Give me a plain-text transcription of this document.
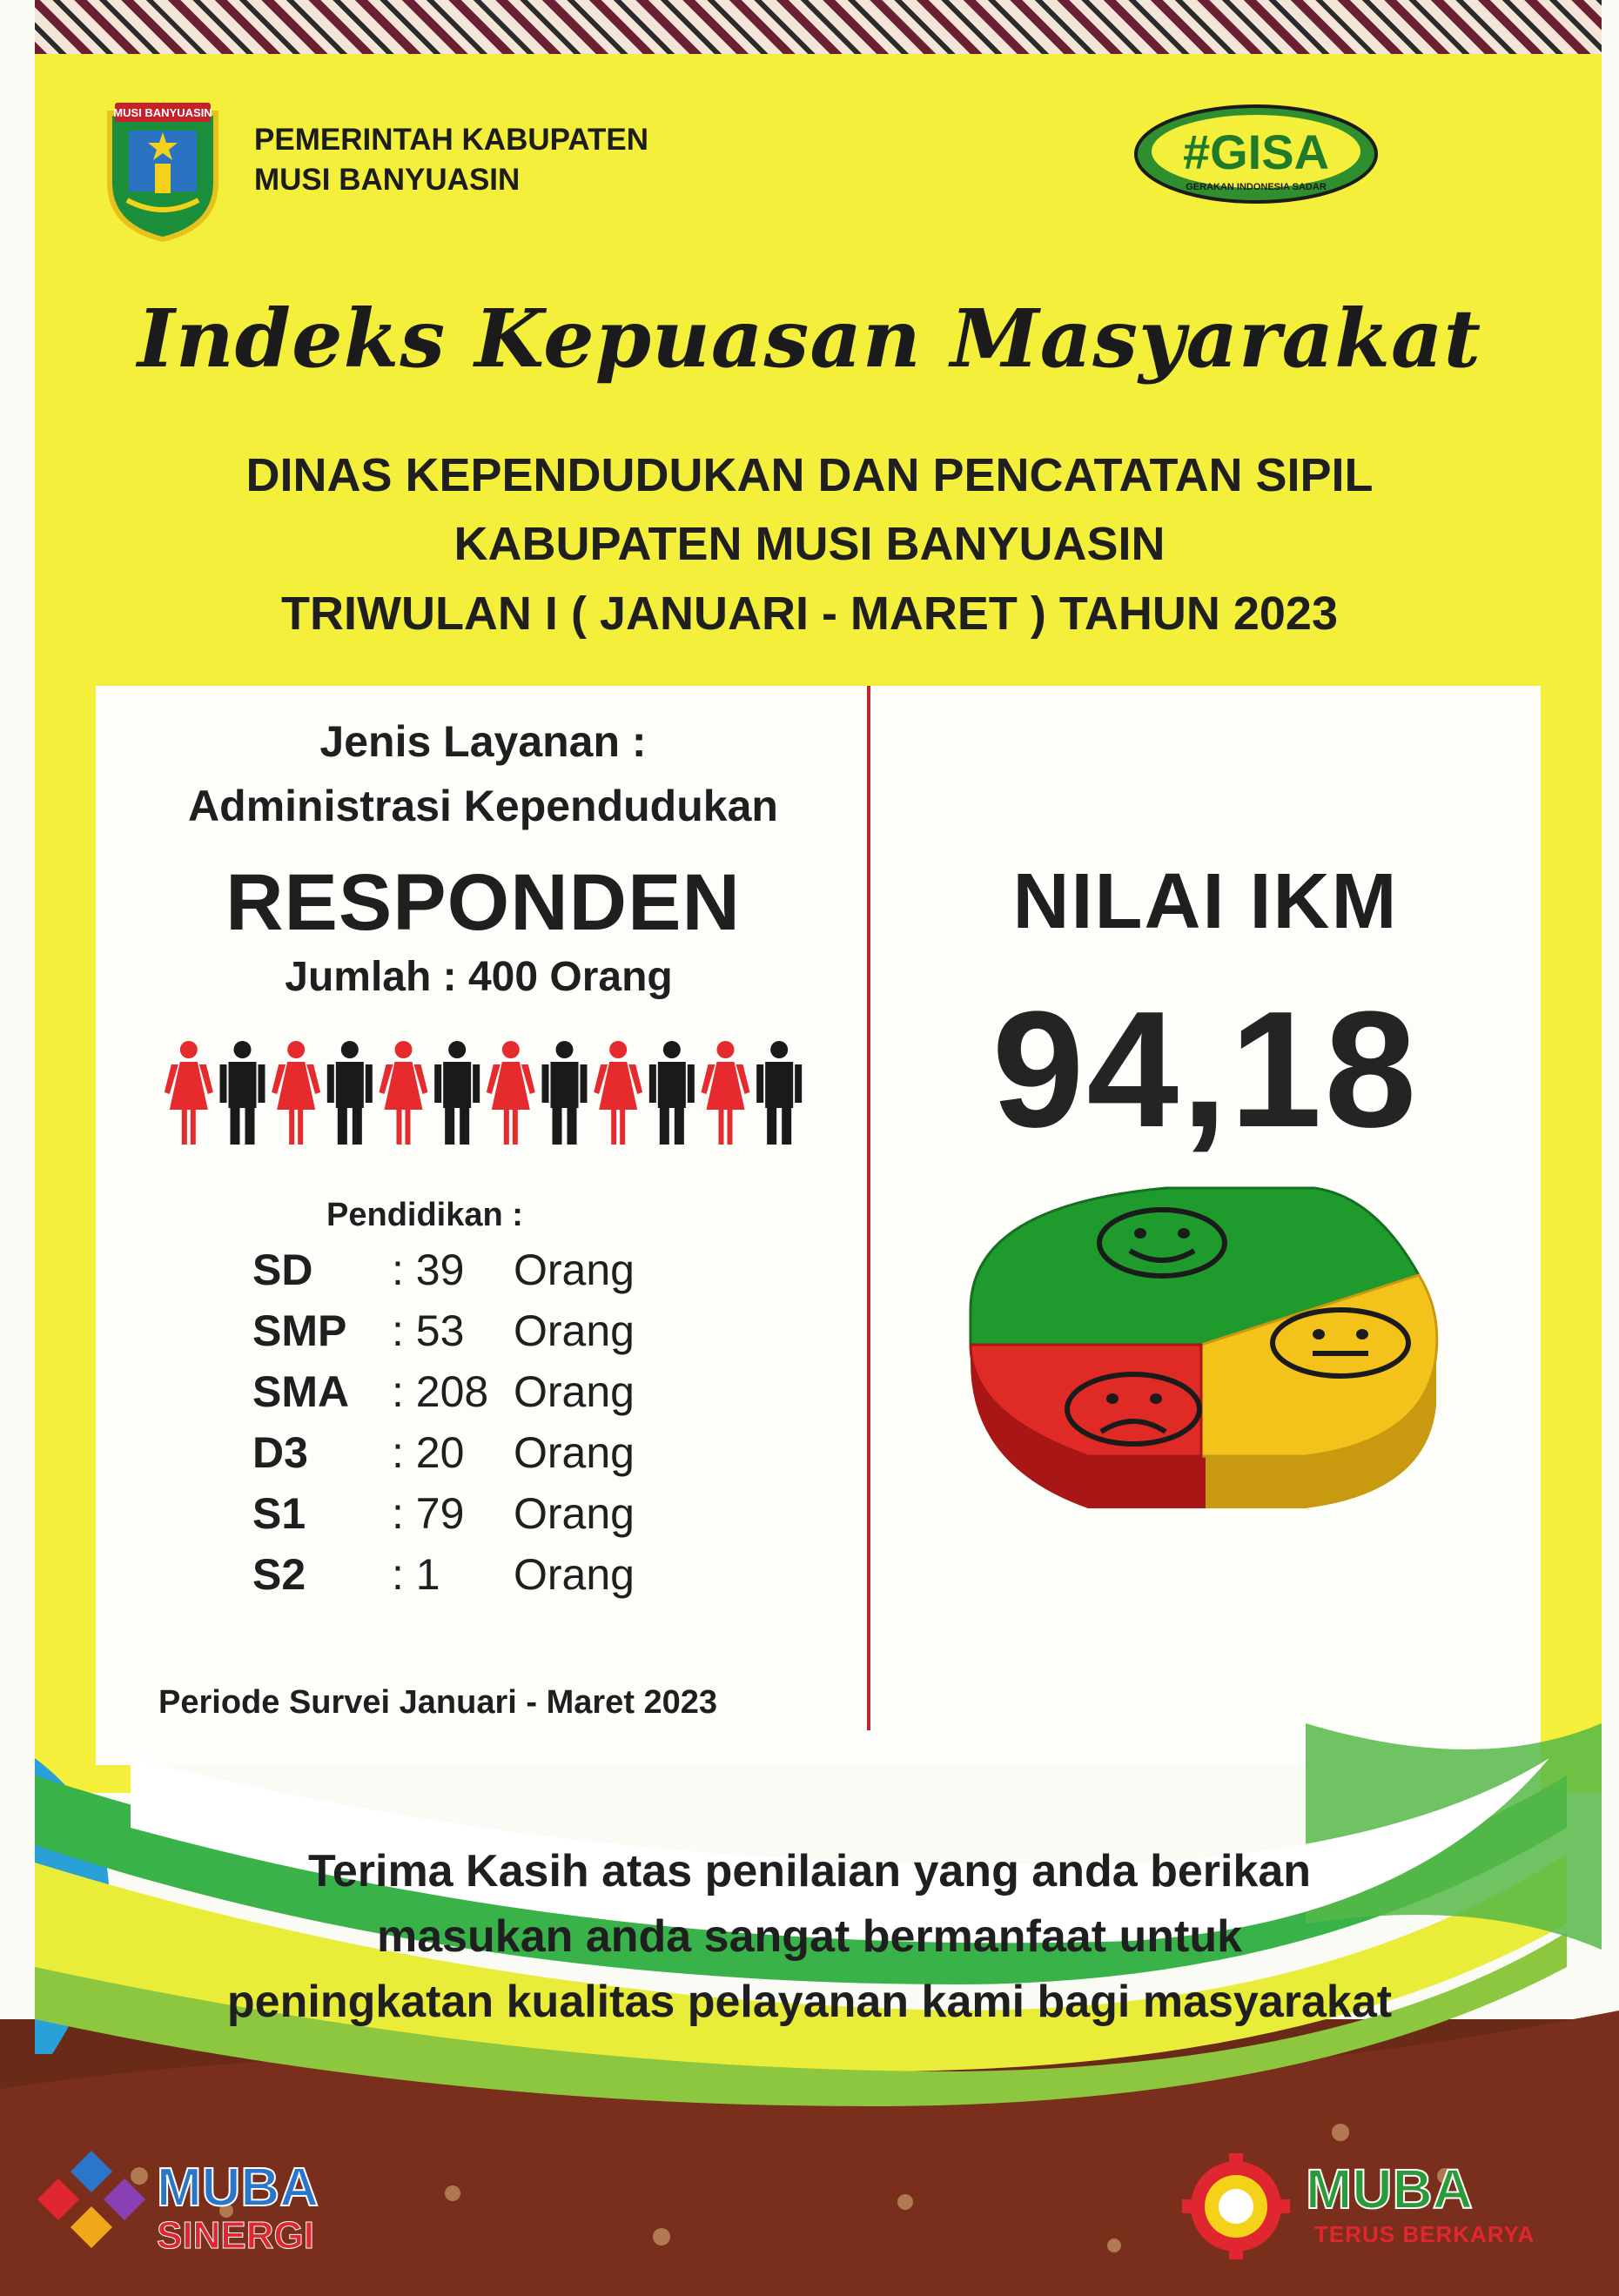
MUSI BANYUASIN
PEMERINTAH KABUPATEN
MUSI BANYUASIN
#GISA
GERAKAN INDONESIA SADAR
Indeks Kepuasan Masyarakat
DINAS KEPENDUDUKAN DAN PENCATATAN SIPIL
KABUPATEN MUSI BANYUASIN
TRIWULAN I ( JANUARI - MARET ) TAHUN 2023
Jenis Layanan :
Administrasi Kependudukan
RESPONDEN
Jumlah : 400 Orang
Pendidikan :
SD	: 39	Orang
SMP	: 53	Orang
SMA : 208 Orang
D3	: 20	Orang
S1	: 79	Orang
S2	: 1	Orang
Periode Survei Januari - Maret 2023
NILAI IKM
94,18
Terima Kasih atas penilaian yang anda berikan
masukan anda sangat bermanfaat untuk
peningkatan kualitas pelayanan kami bagi masyarakat
MUBA
SINERGI
MUBA
TERUS BERKARYA
